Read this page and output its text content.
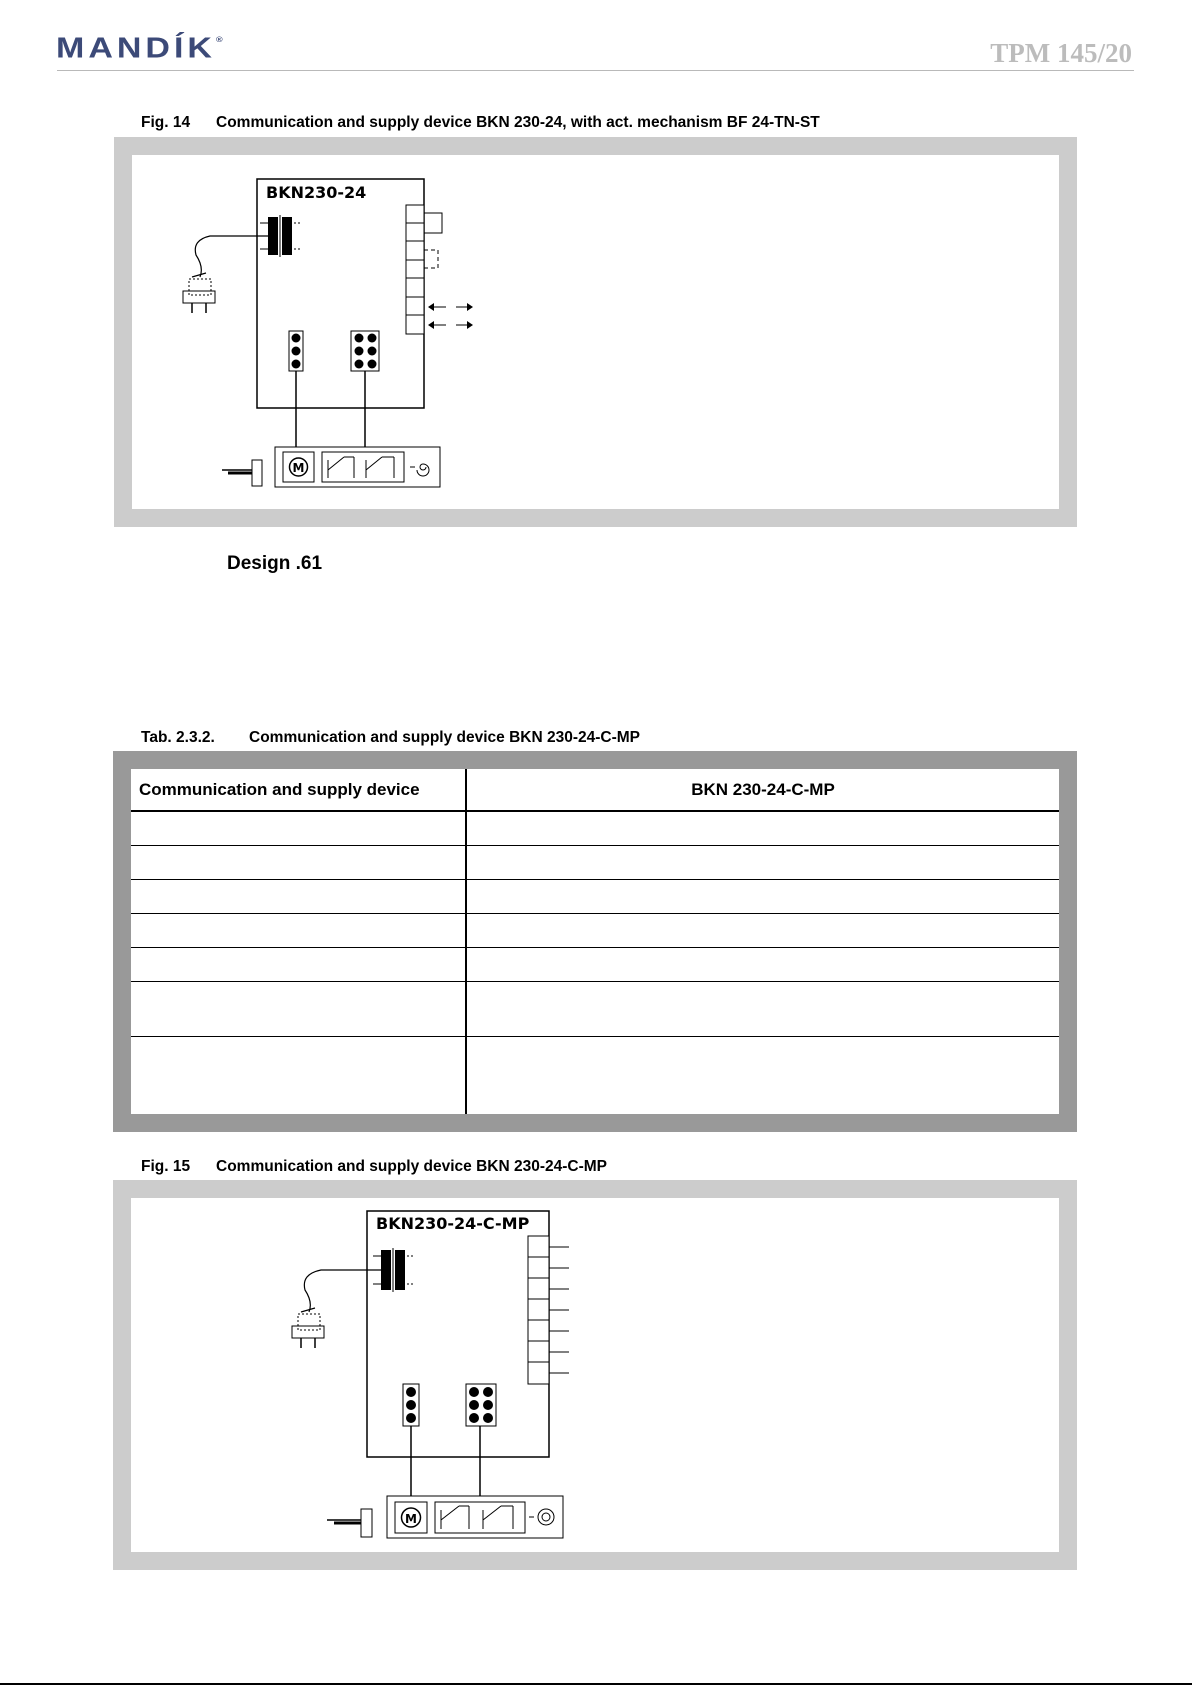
MANDÍK®	TPM 145/20
Fig. 14 Communication and supply device BKN 230-24, with act. mechanism BF 24-TN-ST
BKN230-24
M
Design .61
Tab. 2.3.2. Communication and supply device BKN 230-24-C-MP
Communication and supply device	BKN 230-24-C-MP

Fig. 15 Communication and supply device BKN 230-24-C-MP
BKN230-24-C-MP
M
